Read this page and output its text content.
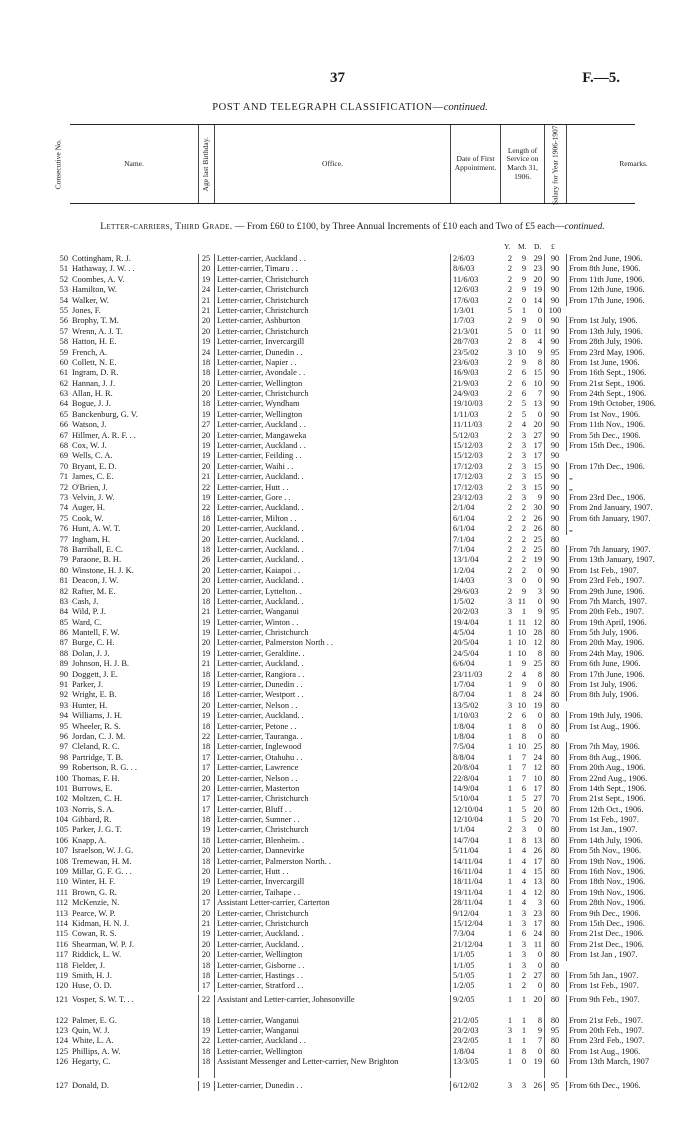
37	F.—5.
POST AND TELEGRAPH CLASSIFICATION—continued.
Consecutive No.	Name.	Age last Birthday.	Office.	Date of First Appointment.
Length of Service on March 31, 1906.	Salary for Year 1906-1907.	Remarks.
Letter-carriers, Third Grade. — From £60 to £100, by Three Annual Increments of £10 each and Two of £5 each—continued.
Y. M. D. £
50 Cottingham, R. J.	25 Letter-carrier, Auckland . .	2/6/03	2	9 29	90	From 2nd June, 1906.
51 Hathaway, J. W. . .	20 Letter-carrier, Timaru . .	8/6/03	2	9 23	90	From 8th June, 1906.
52 Coombes, A. V.	19 Letter-carrier, Christchurch	11/6/03	2	9 20	90	From 11th June, 1906.
53 Hamilton, W.	24 Letter-carrier, Christchurch	12/6/03	2	9 19	90	From 12th June, 1906.
54 Walker, W.	21 Letter-carrier, Christchurch	17/6/03	2	0 14	90	From 17th June, 1906.
55 Jones, F.	21 Letter-carrier, Christchurch	1/3/01	5	1	0 100
56 Brophy, T. M.	20 Letter-carrier, Ashburton	1/7/03	2	9	0	90	From 1st July, 1906.
57 Wrenn, A. J. T.	20 Letter-carrier, Christchurch	21/3/01	5	0 11	90	From 13th July, 1906.
58 Hatton, H. E.	19 Letter-carrier, Invercargill	28/7/03	2	8	4	90	From 28th July, 1906.
59 French, A.	24 Letter-carrier, Dunedin . .	23/5/02	3 10	9	95	From 23rd May, 1906.
60 Collett, N. E.	18 Letter-carrier, Napier . .	23/6/03	2	9	8	80	From 1st June, 1906.
61 Ingram, D. R.	18 Letter-carrier, Avondale . .	16/9/03	2	6 15	90	From 16th Sept., 1906.
62 Hannan, J. J.	20 Letter-carrier, Wellington	21/9/03	2	6 10	90	From 21st Sept., 1906.
63 Allan, H. R.	20 Letter-carrier, Christchurch	24/9/03	2	6	7	90	From 24th Sept., 1906.
64 Bogue, J. J.	18 Letter-carrier, Wyndham	19/10/03	2	5 13	90	From 19th October, 1906.
65 Banckenburg, G. V.	19 Letter-carrier, Wellington	1/11/03	2	5	0	90	From 1st Nov., 1906.
66 Watson, J.	27 Letter-carrier, Auckland . .	11/11/03	2	4 20	90	From 11th Nov., 1906.
67 Hillmer, A. R. F. . .	20 Letter-carrier, Mangaweka	5/12/03	2	3 27	90	From 5th Dec., 1906.
68 Cox, W. J.	19 Letter-carrier, Auckland . .	15/12/03	2	3 17	90	From 15th Dec., 1906.
69 Wells, C. A.	19 Letter-carrier, Feilding . .	15/12/03	2	3 17	90
70 Bryant, E. D.	20 Letter-carrier, Waihi . .	17/12/03	2	3 15	90	From 17th Dec., 1906.
71 James, C. E.	21 Letter-carrier, Auckland. .	17/12/03	2	3 15	90	„
72 O'Brien, J.	22 Letter-carrier, Hutt . .	17/12/03	2	3 15	90	„
73 Velvin, J. W.	19 Letter-carrier, Gore . .	23/12/03	2	3	9	90	From 23rd Dec., 1906.
74 Auger, H.	22 Letter-carrier, Auckland. .	2/1/04	2	2 30	90	From 2nd January, 1907.
75 Cook, W.	18 Letter-carrier, Milton . .	6/1/04	2	2 26	90	From 6th January, 1907.
76 Hunt, A. W. T.	20 Letter-carrier, Auckland. .	6/1/04	2	2 26	80	„
77 Ingham, H.	20 Letter-carrier, Auckland. .	7/1/04	2	2 25	80
78 Barriball, E. C.	18 Letter-carrier, Auckland. .	7/1/04	2	2 25	80	From 7th January, 1907.
79 Paraone, B. H.	26 Letter-carrier, Auckland. .	13/1/04	2	2 19	90	From 13th January, 1907.
80 Winstone, H. J. K.	20 Letter-carrier, Kaiapoi . .	1/2/04	2	2	0	90	From 1st Feb., 1907.
81 Deacon, J. W.	20 Letter-carrier, Auckland. .	1/4/03	3	0	0	90	From 23rd Feb., 1907.
82 Rafter, M. E.	20 Letter-carrier, Lyttelton. .	29/6/03	2	9	3	90	From 29th June, 1906.
83 Cash, J.	18 Letter-carrier, Auckland. .	1/5/02	3 11	0	90	From 7th March, 1907.
84 Wild, P. J.	21 Letter-carrier, Wanganui	20/2/03	3	1	9	95	From 20th Feb., 1907.
85 Ward, C.	19 Letter-carrier, Winton . .	19/4/04	1 11 12	80	From 19th April, 1906.
86 Mantell, F. W.	19 Letter-carrier, Christchurch	4/5/04	1 10 28	80	From 5th July, 1906.
87 Burge, C. H.	20 Letter-carrier, Palmerston North . .	20/5/04	1 10 12	80	From 20th May, 1906.
88 Dolan, J. J.	19 Letter-carrier, Geraldine. .	24/5/04	1 10	8	80	From 24th May, 1906.
89 Johnson, H. J. B.	21 Letter-carrier, Auckland. .	6/6/04	1	9 25	80	From 6th June, 1906.
90 Doggett, J. E.	18 Letter-carrier, Rangiora . .	23/11/03	2	4	8	80	From 17th June, 1906.
91 Parker, J.	19 Letter-carrier, Dunedin . .	1/7/04	1	9	0	80	From 1st July, 1906.
92 Wright, E. B.	18 Letter-carrier, Westport . .	8/7/04	1	8 24	80	From 8th July, 1906.
93 Hunter, H.	20 Letter-carrier, Nelson . .	13/5/02	3 10 19	80
94 Williams, J. H.	19 Letter-carrier, Auckland. .	1/10/03	2	6	0	80	From 19th July, 1906.
95 Wheeler, R. S.	18 Letter-carrier, Petone . .	1/8/04	1	8	0	80	From 1st Aug., 1906.
96 Jordan, C. J. M.	22 Letter-carrier, Tauranga. .	1/8/04	1	8	0	80
97 Cleland, R. C.	18 Letter-carrier, Inglewood	7/5/04	1 10 25	80	From 7th May, 1906.
98 Partridge, T. B.	17 Letter-carrier, Otahuhu . .	8/8/04	1	7 24	80	From 8th Aug., 1906.
99 Robertson, R. G. . .	17 Letter-carrier, Lawrence	20/8/04	1	7 12	80	From 20th Aug., 1906.
100 Thomas, F. H.	20 Letter-carrier, Nelson . .	22/8/04	1	7 10	80	From 22nd Aug., 1906.
101 Burrows, E.	20 Letter-carrier, Masterton	14/9/04	1	6 17	80	From 14th Sept., 1906.
102 Moltzen, C. H.	17 Letter-carrier, Christchurch	5/10/04	1	5 27	70	From 21st Sept., 1906.
103 Norris, S. A.	17 Letter-carrier, Bluff . .	12/10/04	1	5 20	80	From 12th Oct., 1906.
104 Gibbard, R.	18 Letter-carrier, Sumner . .	12/10/04	1	5 20	70	From 1st Feb., 1907.
105 Parker, J. G. T.	19 Letter-carrier, Christchurch	1/1/04	2	3	0	80	From 1st Jan., 1907.
106 Knapp, A.	18 Letter-carrier, Blenheim. .	14/7/04	1	8 13	80	From 14th July, 1906.
107 Israelson, W. J. G.	20 Letter-carrier, Dannevirke	5/11/04	1	4 26	80	From 5th Nov., 1906.
108 Tremewan, H. M.	18 Letter-carrier, Palmerston North. .	14/11/04	1	4 17	80	From 19th Nov., 1906.
109 Millar, G. F. G. . .	20 Letter-carrier, Hutt . .	16/11/04	1	4 15	80	From 16th Nov., 1906.
110 Winter, H. F.	19 Letter-carrier, Invercargill	18/11/04	1	4 13	80	From 18th Nov., 1906.
111 Brown, G. R.	20 Letter-carrier, Taihape . .	19/11/04	1	4 12	80	From 19th Nov., 1906.
112 McKenzie, N.	17 Assistant Letter-carrier, Carterton	28/11/04	1	4	3	60	From 28th Nov., 1906.
113 Pearce, W. P.	20 Letter-carrier, Christchurch	9/12/04	1	3 23	80	From 9th Dec., 1906.
114 Kidman, H. N. J.	21 Letter-carrier, Christchurch	15/12/04	1	3 17	80	From 15th Dec., 1906.
115 Cowan, R. S.	19 Letter-carrier, Auckland. .	7/3/04	1	6 24	80	From 21st Dec., 1906.
116 Shearman, W. P. J.	20 Letter-carrier, Auckland. .	21/12/04	1	3 11	80	From 21st Dec., 1906.
117 Riddick, L. W.	20 Letter-carrier, Wellington	1/1/05	1	3	0	80	From 1st Jan , 1907.
118 Fielder, J.	18 Letter-carrier, Gisborne . .	1/1/05	1	3	0	80
119 Smith, H. J.	18 Letter-carrier, Hastings . .	5/1/05	1	2 27	80	From 5th Jan., 1907.
120 Huse, O. D.	17 Letter-carrier, Stratford . .	1/2/05	1	2	0	80	From 1st Feb., 1907.
121 Vosper, S. W. T. . .	22 Assistant and Letter-carrier, Johnsonville	9/2/05	1	1 20	80	From 9th Feb., 1907.
122 Palmer, E. G.	18 Letter-carrier, Wanganui	21/2/05	1	1	8	80	From 21st Feb., 1907.
123 Quin, W. J.	19 Letter-carrier, Wanganui	20/2/03	3	1	9	95	From 20th Feb., 1907.
124 White, L. A.	22 Letter-carrier, Auckland . .	23/2/05	1	1	7	80	From 23rd Feb., 1907.
125 Phillips, A. W.	18 Letter-carrier, Wellington	1/8/04	1	8	0	80	From 1st Aug., 1906.
126 Hegarty, C.	18 Assistant Messenger and Letter-carrier, New Brighton	13/3/05	1	0 19	60	From 13th March, 1907
127 Donald, D.	19 Letter-carrier, Dunedin . .	6/12/02	3	3 26	95	From 6th Dec., 1906.
